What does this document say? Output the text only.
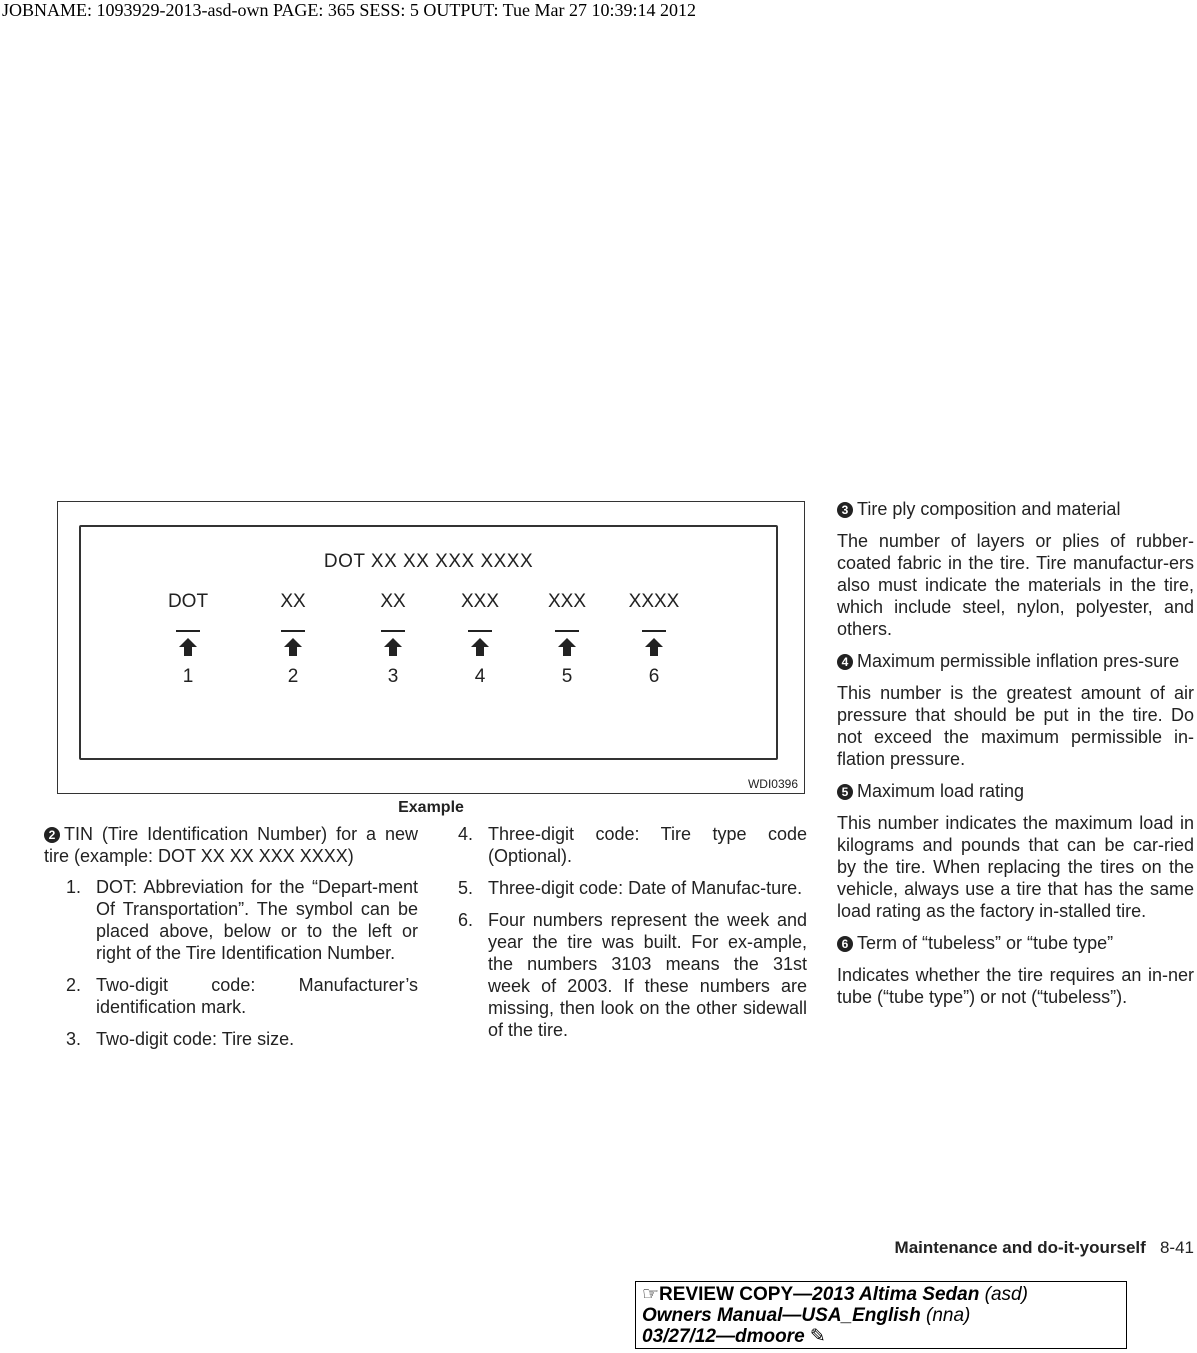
JOBNAME: 1093929-2013-asd-own PAGE: 365 SESS: 5 OUTPUT: Tue Mar 27 10:39:14 2012
DOT XX XX XXX XXXX
DOT
1
XX
2
XX
3
XXX
4
XXX
5
XXXX
6
WDI0396
Example

2 TIN (Tire Identification Number) for a new tire (example: DOT XX XX XXX XXXX)

1. DOT: Abbreviation for the “Depart-ment Of Transportation”. The symbol can be placed above, below or to the left or right of the Tire Identification Number.
2. Two-digit code: Manufacturer’s identification mark.
3. Two-digit code: Tire size.
4. Three-digit code: Tire type code (Optional).
5. Three-digit code: Date of Manufac-ture.
6. Four numbers represent the week and year the tire was built. For ex-ample, the numbers 3103 means the 31st week of 2003. If these numbers are missing, then look on the other sidewall of the tire.

3 Tire ply composition and material

The number of layers or plies of rubber-coated fabric in the tire. Tire manufactur-ers also must indicate the materials in the tire, which include steel, nylon, polyester, and others.

4 Maximum permissible inflation pres-sure

This number is the greatest amount of air pressure that should be put in the tire. Do not exceed the maximum permissible in-flation pressure.

5 Maximum load rating

This number indicates the maximum load in kilograms and pounds that can be car-ried by the tire. When replacing the tires on the vehicle, always use a tire that has the same load rating as the factory in-stalled tire.

6 Term of “tubeless” or “tube type”

Indicates whether the tire requires an in-ner tube (“tube type”) or not (“tubeless”).

Maintenance and do-it-yourself 8-41
☞REVIEW COPY—2013 Altima Sedan (asd)
Owners Manual—USA_English (nna)
03/27/12—dmoore ✎
